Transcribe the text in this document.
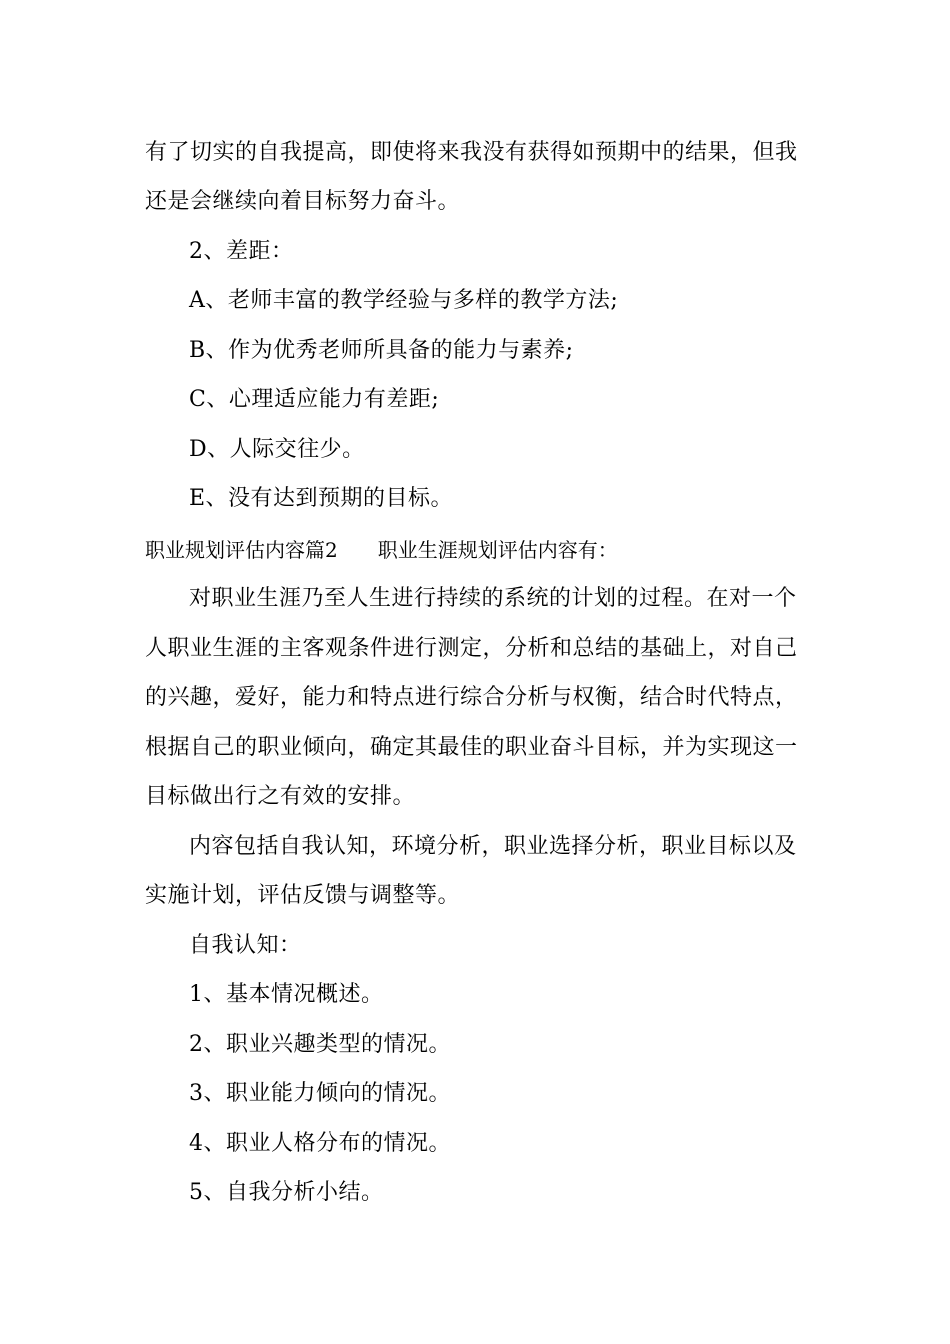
有了切实的自我提高，即使将来我没有获得如预期中的结果，但我
还是会继续向着目标努力奋斗。
2、差距：
A、老师丰富的教学经验与多样的教学方法;
B、作为优秀老师所具备的能力与素养;
C、心理适应能力有差距;
D、人际交往少。
E、没有达到预期的目标。
职业规划评估内容篇2 职业生涯规划评估内容有：
对职业生涯乃至人生进行持续的系统的计划的过程。在对一个
人职业生涯的主客观条件进行测定，分析和总结的基础上，对自己
的兴趣，爱好，能力和特点进行综合分析与权衡，结合时代特点，
根据自己的职业倾向，确定其最佳的职业奋斗目标，并为实现这一
目标做出行之有效的安排。
内容包括自我认知，环境分析，职业选择分析，职业目标以及
实施计划，评估反馈与调整等。
自我认知：
1、基本情况概述。
2、职业兴趣类型的情况。
3、职业能力倾向的情况。
4、职业人格分布的情况。
5、自我分析小结。
